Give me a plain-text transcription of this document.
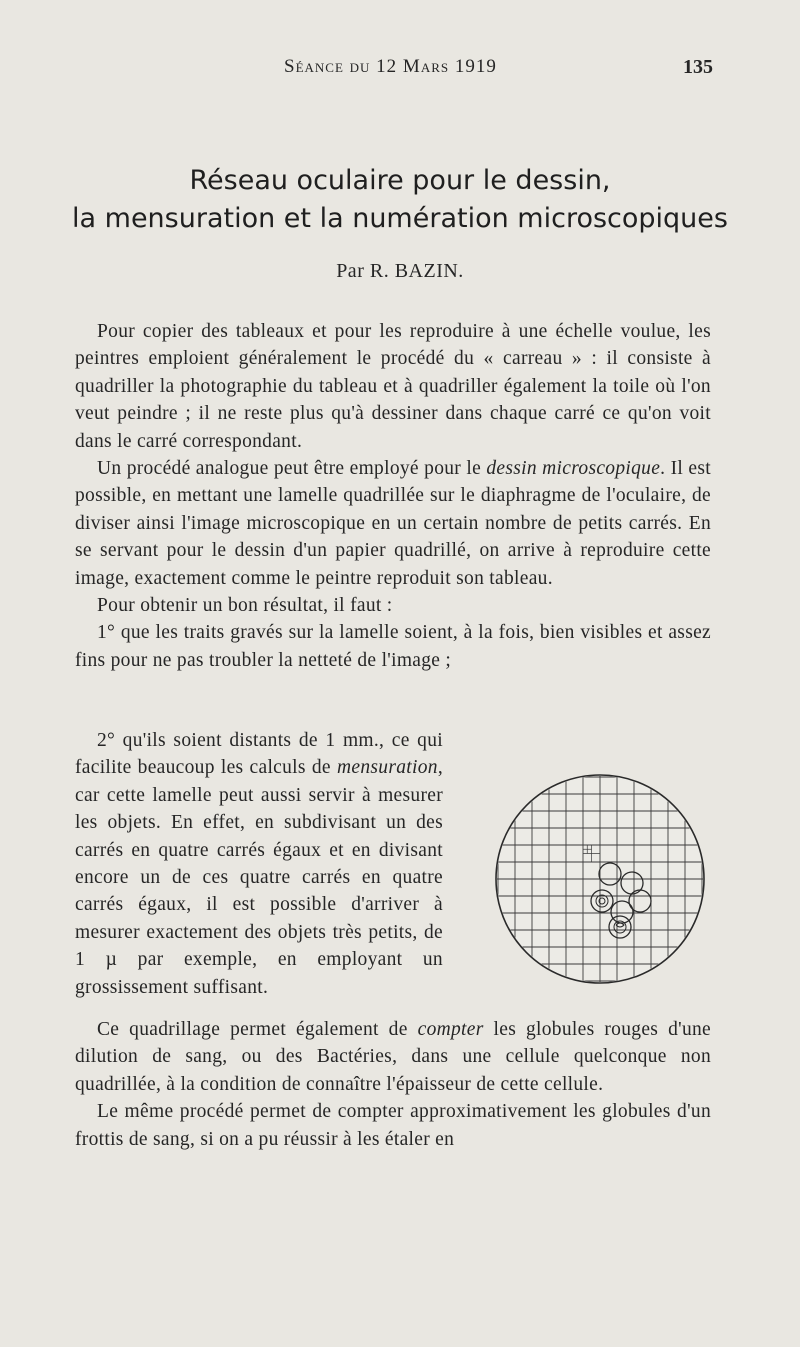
Séance du 12 Mars 1919	135
Réseau oculaire pour le dessin,
la mensuration et la numération microscopiques
Par R. BAZIN.

Pour copier des tableaux et pour les reproduire à une échelle voulue, les peintres emploient généralement le procédé du « carreau » : il consiste à quadriller la photographie du tableau et à quadriller également la toile où l'on veut peindre ; il ne reste plus qu'à dessiner dans chaque carré ce qu'on voit dans le carré correspondant.

Un procédé analogue peut être employé pour le dessin microscopique. Il est possible, en mettant une lamelle quadrillée sur le diaphragme de l'oculaire, de diviser ainsi l'image microscopique en un certain nombre de petits carrés. En se servant pour le dessin d'un papier quadrillé, on arrive à reproduire cette image, exactement comme le peintre reproduit son tableau.

Pour obtenir un bon résultat, il faut :

1° que les traits gravés sur la lamelle soient, à la fois, bien visibles et assez fins pour ne pas troubler la netteté de l'image ;

2° qu'ils soient distants de 1 mm., ce qui facilite beaucoup les calculs de mensuration, car cette lamelle peut aussi servir à mesurer les objets. En effet, en subdivisant un des carrés en quatre carrés égaux et en divisant encore un de ces quatre carrés en quatre carrés égaux, il est possible d'arriver à mesurer exactement des objets très petits, de 1 µ par exemple, en employant un grossissement suffisant.

Ce quadrillage permet également de compter les globules rouges d'une dilution de sang, ou des Bactéries, dans une cellule quelconque non quadrillée, à la condition de connaître l'épaisseur de cette cellule.

Le même procédé permet de compter approximativement les globules d'un frottis de sang, si on a pu réussir à les étaler en
